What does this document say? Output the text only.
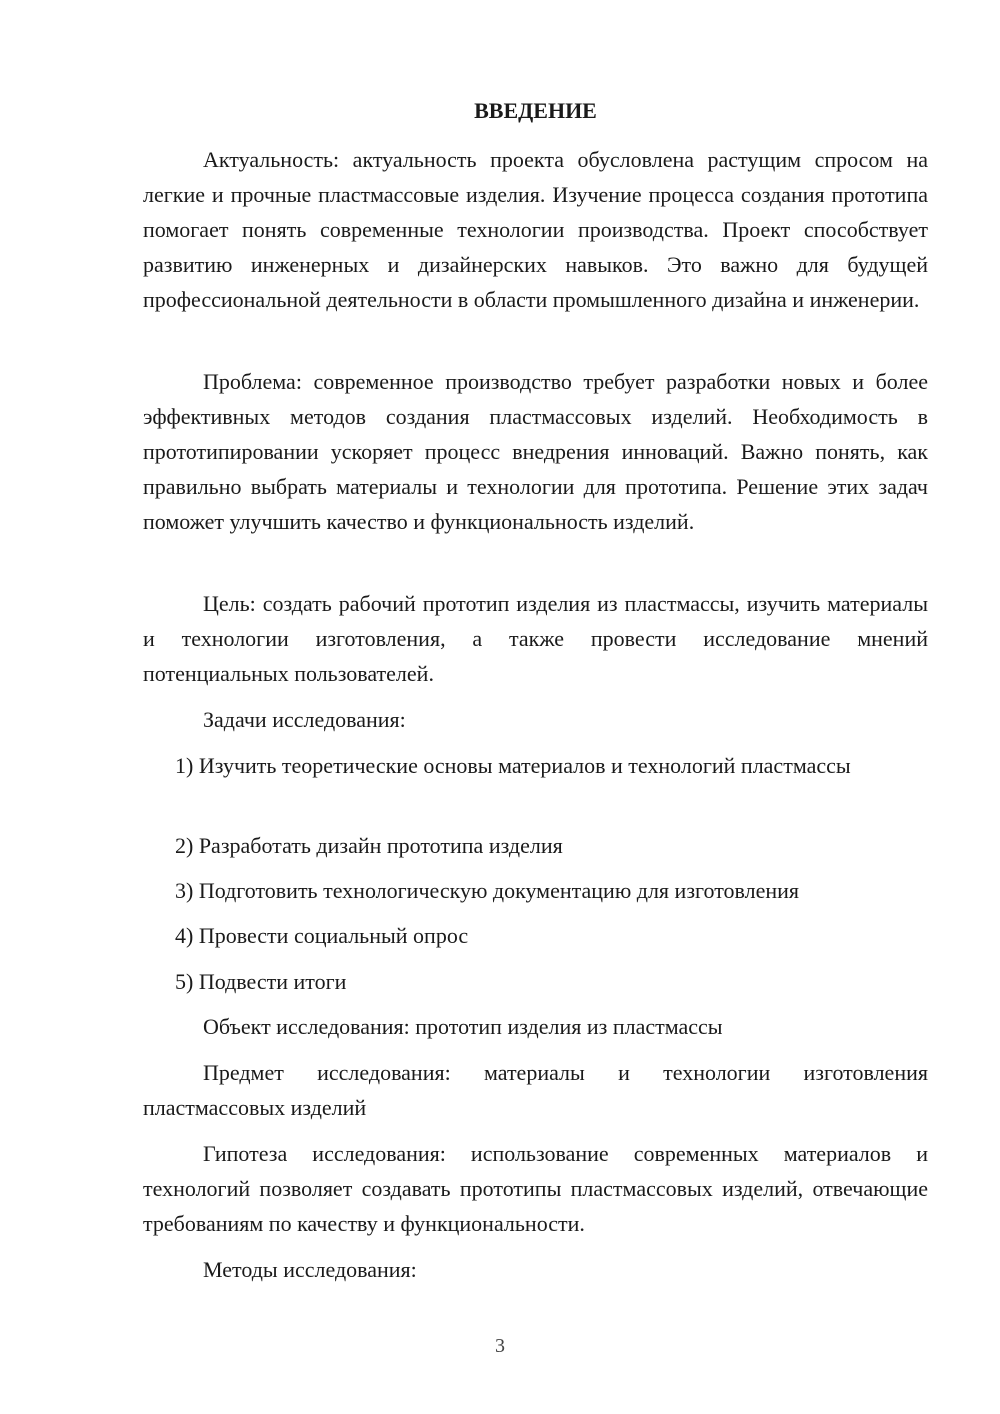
ВВЕДЕНИЕ

Актуальность: актуальность проекта обусловлена растущим спросом на легкие и прочные пластмассовые изделия. Изучение процесса создания прототипа помогает понять современные технологии производства. Проект способствует развитию инженерных и дизайнерских навыков. Это важно для будущей профессиональной деятельности в области промышленного дизайна и инженерии.

Проблема: современное производство требует разработки новых и более эффективных методов создания пластмассовых изделий. Необходимость в прототипировании ускоряет процесс внедрения инноваций. Важно понять, как правильно выбрать материалы и технологии для прототипа. Решение этих задач поможет улучшить качество и функциональность изделий.

Цель: создать рабочий прототип изделия из пластмассы, изучить материалы и технологии изготовления, а также провести исследование мнений потенциальных пользователей.

Задачи исследования:

1) Изучить теоретические основы материалов и технологий пластмассы

2) Разработать дизайн прототипа изделия

3) Подготовить технологическую документацию для изготовления

4) Провести социальный опрос

5) Подвести итоги

Объект исследования: прототип изделия из пластмассы

Предмет исследования: материалы и технологии изготовления пластмассовых изделий

Гипотеза исследования: использование современных материалов и технологий позволяет создавать прототипы пластмассовых изделий, отвечающие требованиям по качеству и функциональности.

Методы исследования:

3
